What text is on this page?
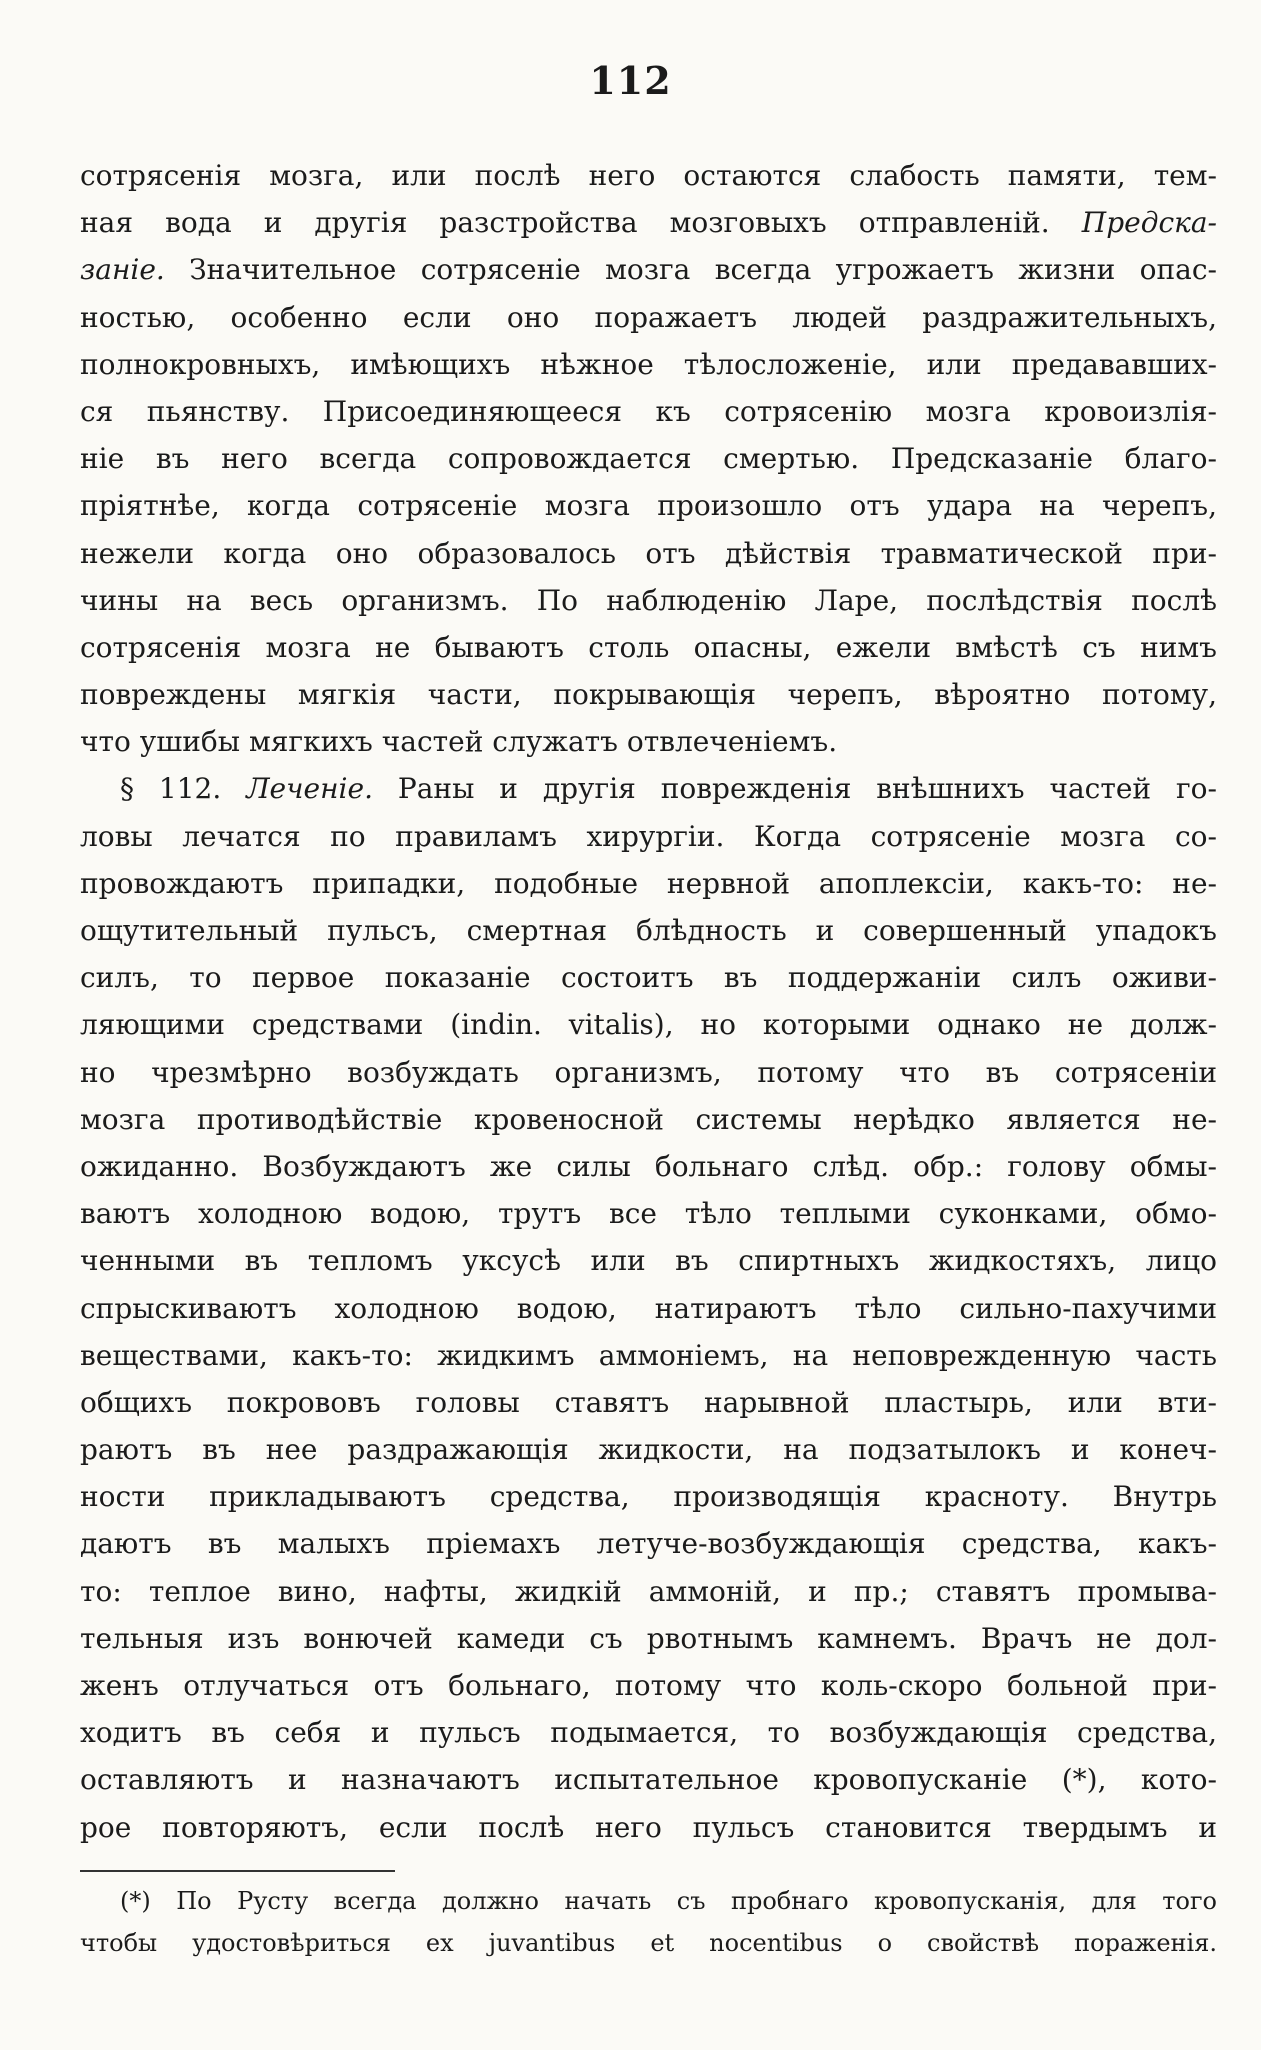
112
сотрясенія мозга, или послѣ него остаются слабость памяти, тем-
ная вода и другія разстройства мозговыхъ отправленій. Предска-
заніе. Значительное сотрясеніе мозга всегда угрожаетъ жизни опас-
ностью, особенно если оно поражаетъ людей раздражительныхъ,
полнокровныхъ, имѣющихъ нѣжное тѣлосложеніе, или предававших-
ся пьянству. Присоединяющееся къ сотрясенію мозга кровоизлія-
ніе въ него всегда сопровождается смертью. Предсказаніе благо-
пріятнѣе, когда сотрясеніе мозга произошло отъ удара на черепъ,
нежели когда оно образовалось отъ дѣйствія травматической при-
чины на весь организмъ. По наблюденію Ларе, послѣдствія послѣ
сотрясенія мозга не бываютъ столь опасны, ежели вмѣстѣ съ нимъ
повреждены мягкія части, покрывающія черепъ, вѣроятно потому,
что ушибы мягкихъ частей служатъ отвлеченіемъ.
§ 112. Леченіе. Раны и другія поврежденія внѣшнихъ частей го-
ловы лечатся по правиламъ хирургіи. Когда сотрясеніе мозга со-
провождаютъ припадки, подобные нервной апоплексіи, какъ-то: не-
ощутительный пульсъ, смертная блѣдность и совершенный упадокъ
силъ, то первое показаніе состоитъ въ поддержаніи силъ оживи-
ляющими средствами (indin. vitalis), но которыми однако не долж-
но чрезмѣрно возбуждать организмъ, потому что въ сотрясеніи
мозга противодѣйствіе кровеносной системы нерѣдко является не-
ожиданно. Возбуждаютъ же силы больнаго слѣд. обр.: голову обмы-
ваютъ холодною водою, трутъ все тѣло теплыми суконками, обмо-
ченными въ тепломъ уксусѣ или въ спиртныхъ жидкостяхъ, лицо
спрыскиваютъ холодною водою, натираютъ тѣло сильно-пахучими
веществами, какъ-то: жидкимъ аммоніемъ, на неповрежденную часть
общихъ покрововъ головы ставятъ нарывной пластырь, или вти-
раютъ въ нее раздражающія жидкости, на подзатылокъ и конеч-
ности прикладываютъ средства, производящія красноту. Внутрь
даютъ въ малыхъ пріемахъ летуче-возбуждающія средства, какъ-
то: теплое вино, нафты, жидкій аммоній, и пр.; ставятъ промыва-
тельныя изъ вонючей камеди съ рвотнымъ камнемъ. Врачъ не дол-
женъ отлучаться отъ больнаго, потому что коль-скоро больной при-
ходитъ въ себя и пульсъ подымается, то возбуждающія средства,
оставляютъ и назначаютъ испытательное кровопусканіе (*), кото-
рое повторяютъ, если послѣ него пульсъ становится твердымъ и
(*) По Русту всегда должно начать съ пробнаго кровопусканія, для того
чтобы удостовѣриться ex juvantibus et nocentibus о свойствѣ пораженія.
